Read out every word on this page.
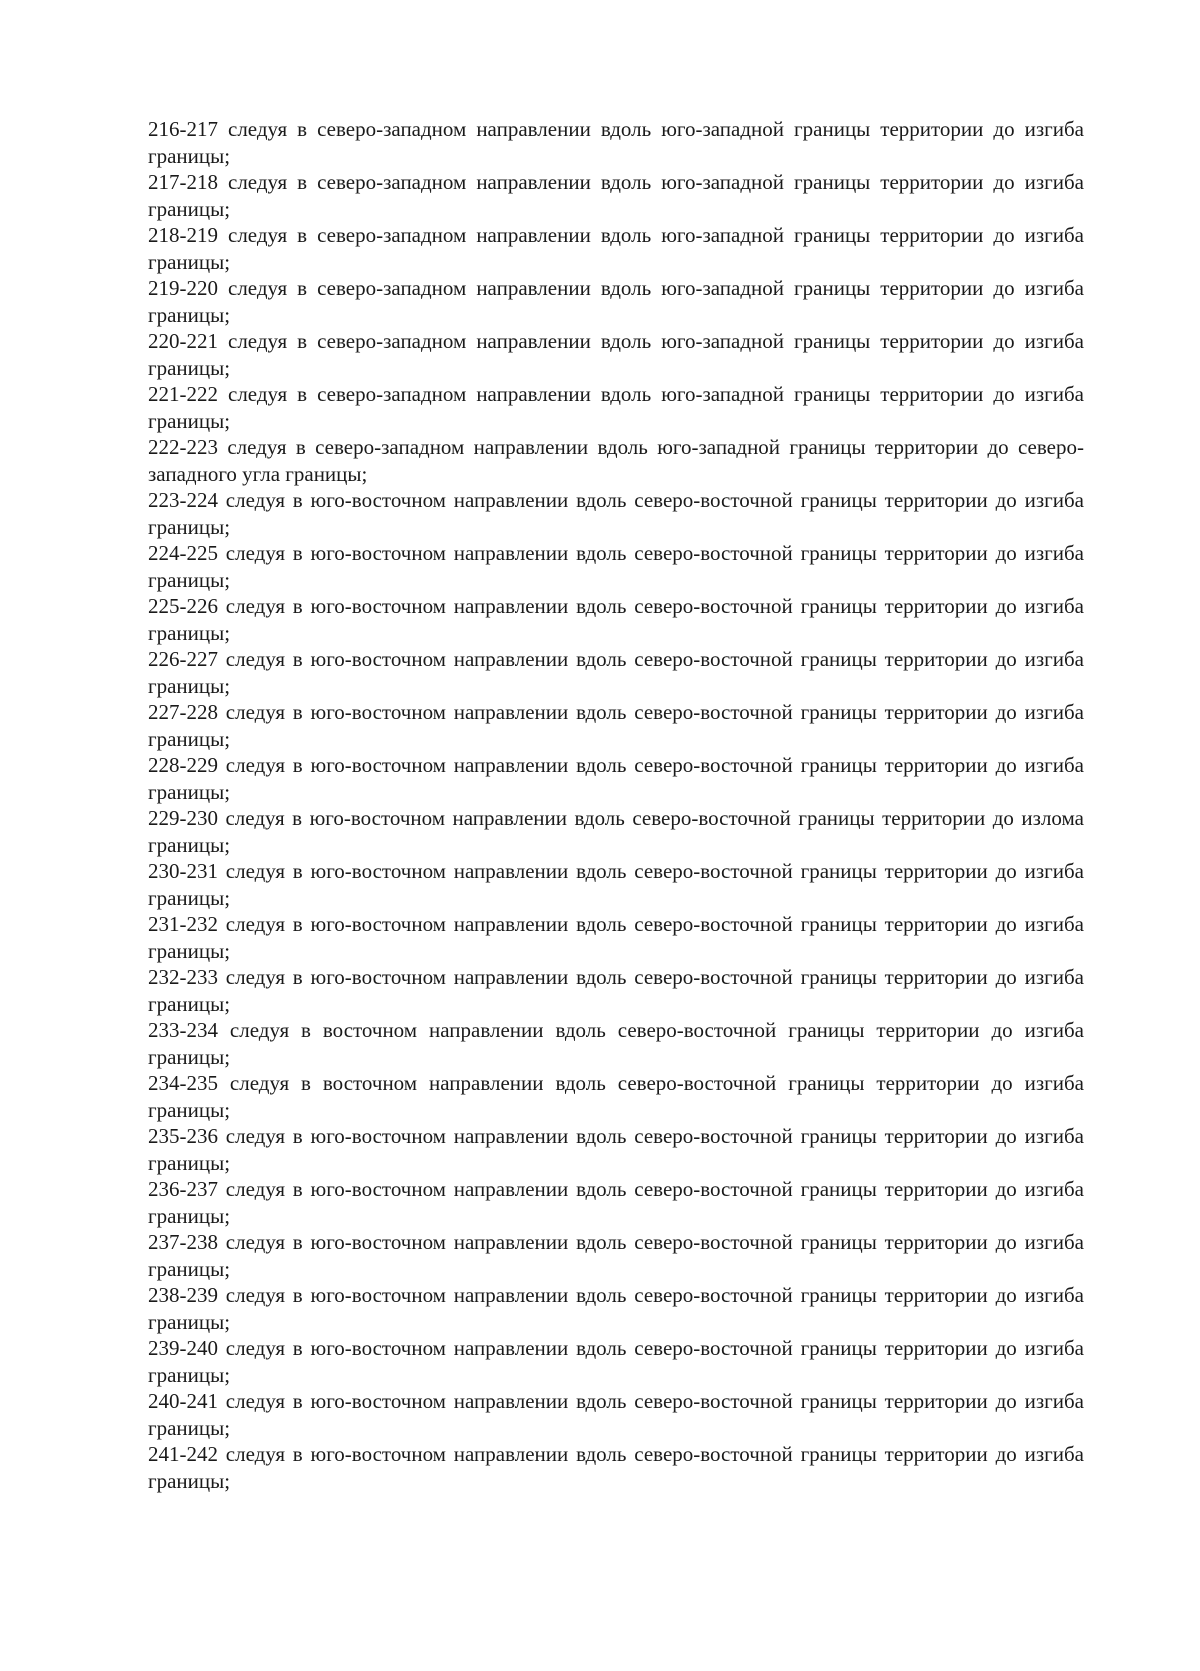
216-217 следуя в северо-западном направлении вдоль юго-западной границы территории до изгиба границы;

217-218 следуя в северо-западном направлении вдоль юго-западной границы территории до изгиба границы;

218-219 следуя в северо-западном направлении вдоль юго-западной границы территории до изгиба границы;

219-220 следуя в северо-западном направлении вдоль юго-западной границы территории до изгиба границы;

220-221 следуя в северо-западном направлении вдоль юго-западной границы территории до изгиба границы;

221-222 следуя в северо-западном направлении вдоль юго-западной границы территории до изгиба границы;

222-223 следуя в северо-западном направлении вдоль юго-западной границы территории до северо-западного угла границы;

223-224 следуя в юго-восточном направлении вдоль северо-восточной границы территории до изгиба границы;

224-225 следуя в юго-восточном направлении вдоль северо-восточной границы территории до изгиба границы;

225-226 следуя в юго-восточном направлении вдоль северо-восточной границы территории до изгиба границы;

226-227 следуя в юго-восточном направлении вдоль северо-восточной границы территории до изгиба границы;

227-228 следуя в юго-восточном направлении вдоль северо-восточной границы территории до изгиба границы;

228-229 следуя в юго-восточном направлении вдоль северо-восточной границы территории до изгиба границы;

229-230 следуя в юго-восточном направлении вдоль северо-восточной границы территории до излома границы;

230-231 следуя в юго-восточном направлении вдоль северо-восточной границы территории до изгиба границы;

231-232 следуя в юго-восточном направлении вдоль северо-восточной границы территории до изгиба границы;

232-233 следуя в юго-восточном направлении вдоль северо-восточной границы территории до изгиба границы;

233-234 следуя в восточном направлении вдоль северо-восточной границы территории до изгиба границы;

234-235 следуя в восточном направлении вдоль северо-восточной границы территории до изгиба границы;

235-236 следуя в юго-восточном направлении вдоль северо-восточной границы территории до изгиба границы;

236-237 следуя в юго-восточном направлении вдоль северо-восточной границы территории до изгиба границы;

237-238 следуя в юго-восточном направлении вдоль северо-восточной границы территории до изгиба границы;

238-239 следуя в юго-восточном направлении вдоль северо-восточной границы территории до изгиба границы;

239-240 следуя в юго-восточном направлении вдоль северо-восточной границы территории до изгиба границы;

240-241 следуя в юго-восточном направлении вдоль северо-восточной границы территории до изгиба границы;

241-242 следуя в юго-восточном направлении вдоль северо-восточной границы территории до изгиба границы;
